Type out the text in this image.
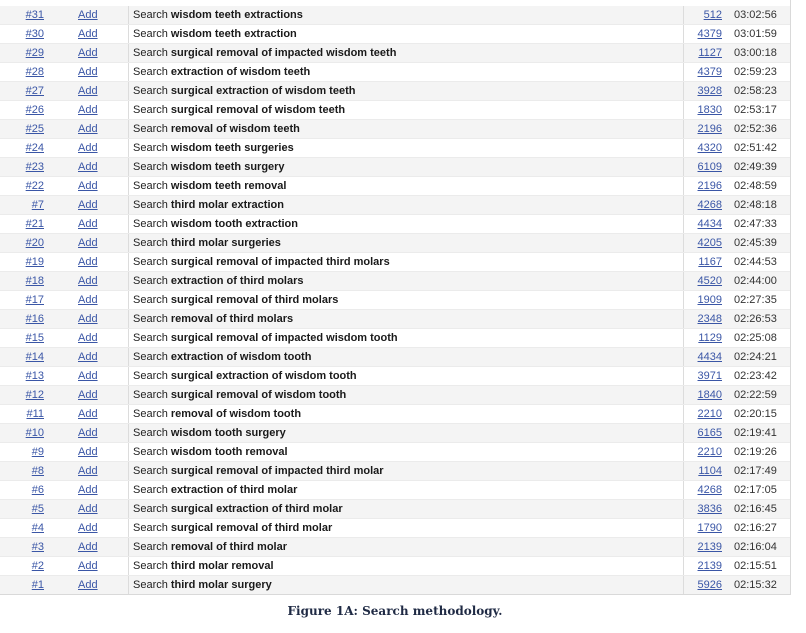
#31	Add	Search wisdom teeth extractions	512 03:02:56
#30	Add	Search wisdom teeth extraction	4379 03:01:59
#29	Add	Search surgical removal of impacted wisdom teeth	1127 03:00:18
#28	Add	Search extraction of wisdom teeth	4379 02:59:23
#27	Add	Search surgical extraction of wisdom teeth	3928 02:58:23
#26	Add	Search surgical removal of wisdom teeth	1830 02:53:17
#25	Add	Search removal of wisdom teeth	2196 02:52:36
#24	Add	Search wisdom teeth surgeries	4320 02:51:42
#23	Add	Search wisdom teeth surgery	6109 02:49:39
#22	Add	Search wisdom teeth removal	2196 02:48:59
#7	Add	Search third molar extraction	4268 02:48:18
#21	Add	Search wisdom tooth extraction	4434 02:47:33
#20	Add	Search third molar surgeries	4205 02:45:39
#19	Add	Search surgical removal of impacted third molars	1167 02:44:53
#18	Add	Search extraction of third molars	4520 02:44:00
#17	Add	Search surgical removal of third molars	1909 02:27:35
#16	Add	Search removal of third molars	2348 02:26:53
#15	Add	Search surgical removal of impacted wisdom tooth	1129 02:25:08
#14	Add	Search extraction of wisdom tooth	4434 02:24:21
#13	Add	Search surgical extraction of wisdom tooth	3971 02:23:42
#12	Add	Search surgical removal of wisdom tooth	1840 02:22:59
#11	Add	Search removal of wisdom tooth	2210 02:20:15
#10	Add	Search wisdom tooth surgery	6165 02:19:41
#9	Add	Search wisdom tooth removal	2210 02:19:26
#8	Add	Search surgical removal of impacted third molar	1104 02:17:49
#6	Add	Search extraction of third molar	4268 02:17:05
#5	Add	Search surgical extraction of third molar	3836 02:16:45
#4	Add	Search surgical removal of third molar	1790 02:16:27
#3	Add	Search removal of third molar	2139 02:16:04
#2	Add	Search third molar removal	2139 02:15:51
#1	Add	Search third molar surgery	5926 02:15:32
Figure 1A: Search methodology.
